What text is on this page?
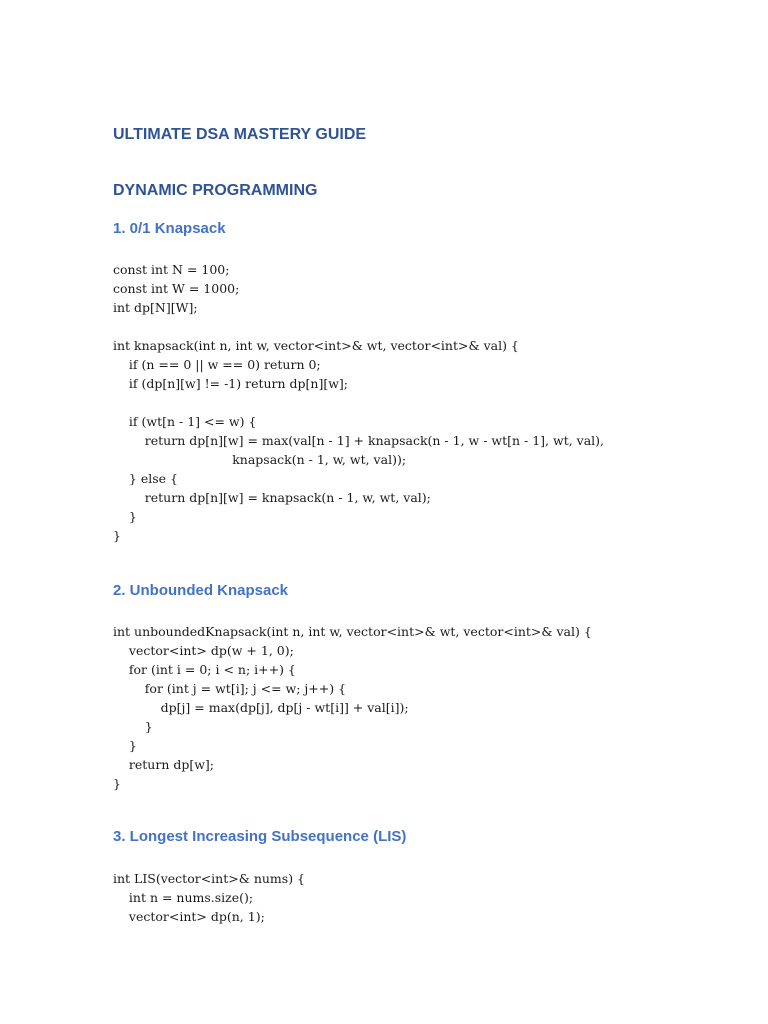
ULTIMATE DSA MASTERY GUIDE
DYNAMIC PROGRAMMING
1. 0/1 Knapsack
const int N = 100;
const int W = 1000;
int dp[N][W];

int knapsack(int n, int w, vector<int>& wt, vector<int>& val) {
if (n == 0 || w == 0) return 0;
if (dp[n][w] != -1) return dp[n][w];

if (wt[n - 1] <= w) {
return dp[n][w] = max(val[n - 1] + knapsack(n - 1, w - wt[n - 1], wt, val),
knapsack(n - 1, w, wt, val));
} else {
return dp[n][w] = knapsack(n - 1, w, wt, val);
}
}
2. Unbounded Knapsack
int unboundedKnapsack(int n, int w, vector<int>& wt, vector<int>& val) {
vector<int> dp(w + 1, 0);
for (int i = 0; i < n; i++) {
for (int j = wt[i]; j <= w; j++) {
dp[j] = max(dp[j], dp[j - wt[i]] + val[i]);
}
}
return dp[w];
}
3. Longest Increasing Subsequence (LIS)
int LIS(vector<int>& nums) {
int n = nums.size();
vector<int> dp(n, 1);
